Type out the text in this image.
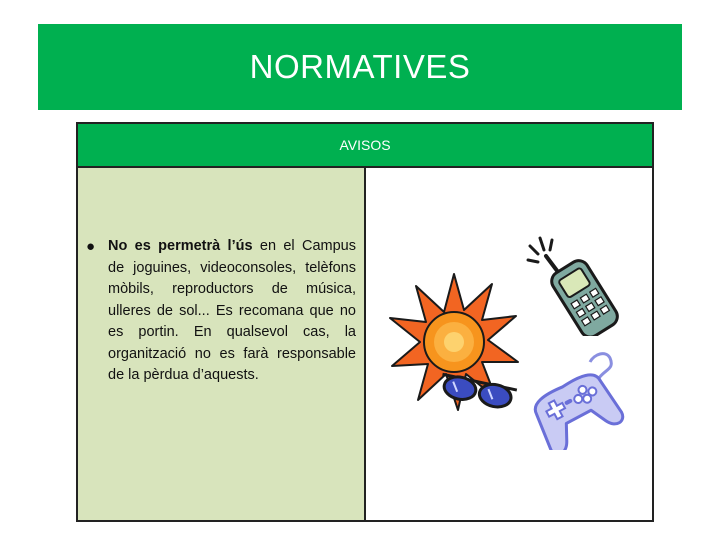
NORMATIVES
AVISOS
● No es permetrà l’ús en el Campus de joguines, videoconsoles, telèfons mòbils, reproductors de música, ulleres de sol... Es recomana que no es portin. En qualsevol cas, la organització no es farà responsable de la pèrdua d’aquests.
